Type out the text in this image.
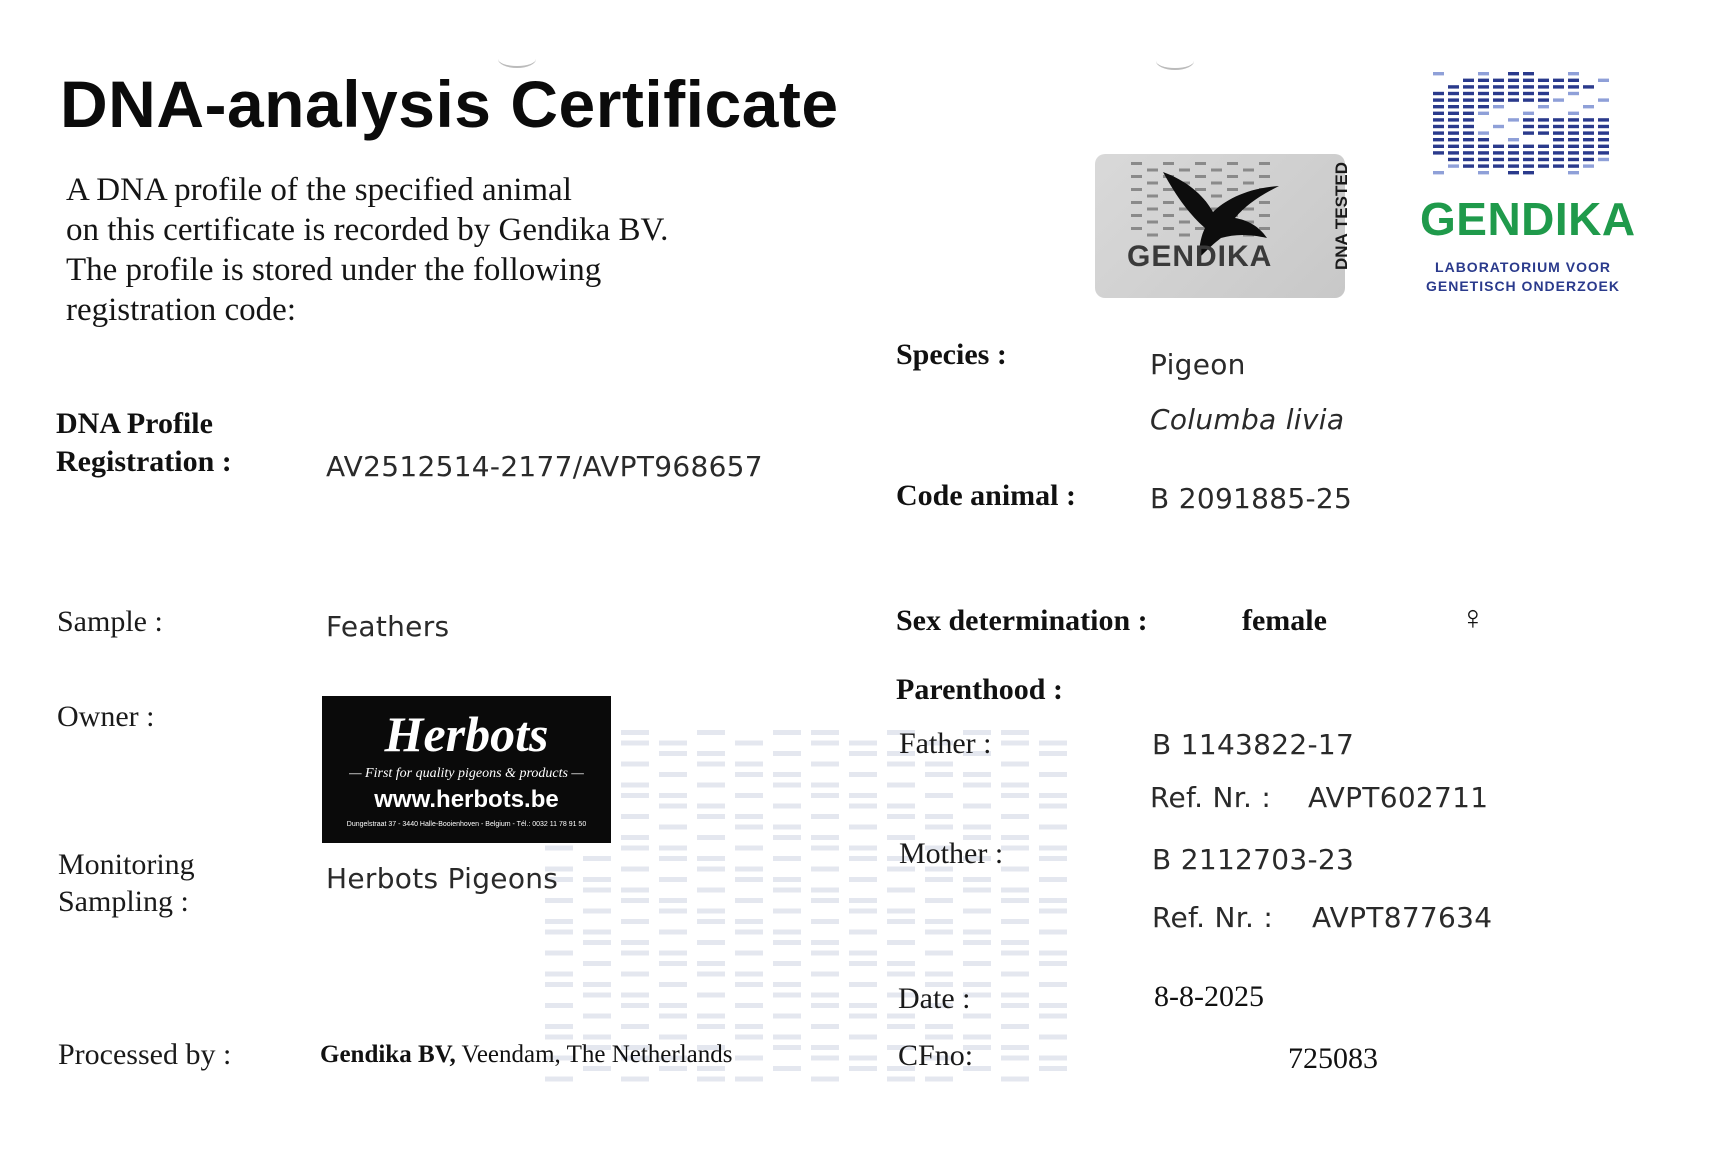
DNA-analysis Certificate
A DNA profile of the specified animal
on this certificate is recorded by Gendika BV.
The profile is stored under the following
registration code:
DNA Profile
Registration :	AV2512514-2177/AVPT968657
Sample :	Feathers
Owner :	Herbots
— First for quality pigeons & products —
www.herbots.be
Dungelstraat 37 - 3440 Halle-Booienhoven - Belgium - Tél.: 0032 11 78 91 50
Monitoring
Sampling :
Herbots Pigeons
Processed by :	Gendika BV, Veendam, The Netherlands
GENDIKA	DNA TESTED GENDIKA
LABORATORIUM VOOR
GENETISCH ONDERZOEK
Species :	Pigeon
Columba livia
Code animal :	B 2091885-25
Sex determination :	female	♀
Parenthood :
Father :	B 1143822-17
Ref. Nr. : AVPT602711
Mother :	B 2112703-23
Ref. Nr. : AVPT877634
Date :	8-8-2025
CFno:	725083
